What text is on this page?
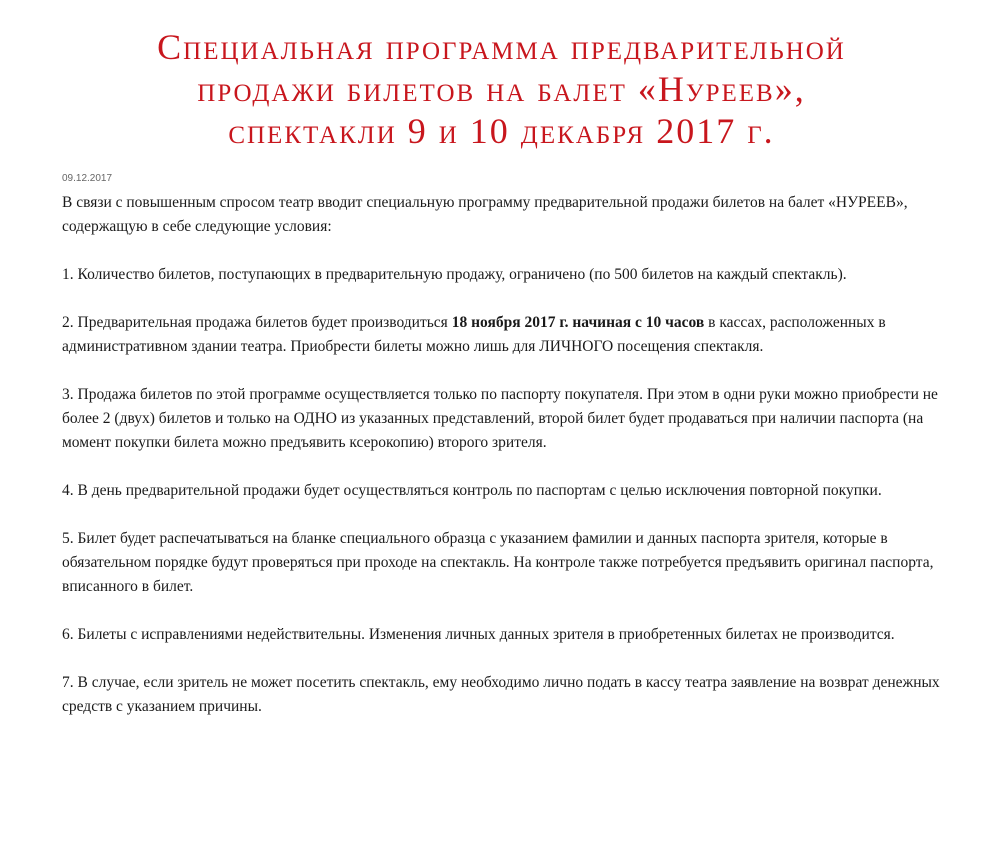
Специальная программа предварительной
продажи билетов на балет «Нуреев»,
спектакли 9 и 10 декабря 2017 г.
09.12.2017

В связи с повышенным спросом театр вводит специальную программу предварительной продажи билетов на балет «НУРЕЕВ», содержащую в себе следующие условия:

1. Количество билетов, поступающих в предварительную продажу, ограничено (по 500 билетов на каждый спектакль).

2. Предварительная продажа билетов будет производиться 18 ноября 2017 г. начиная с 10 часов в кассах, расположенных в административном здании театра. Приобрести билеты можно лишь для ЛИЧНОГО посещения спектакля.

3. Продажа билетов по этой программе осуществляется только по паспорту покупателя. При этом в одни руки можно приобрести не более 2 (двух) билетов и только на ОДНО из указанных представлений, второй билет будет продаваться при наличии паспорта (на момент покупки билета можно предъявить ксерокопию) второго зрителя.

4. В день предварительной продажи будет осуществляться контроль по паспортам с целью исключения повторной покупки.

5. Билет будет распечатываться на бланке специального образца с указанием фамилии и данных паспорта зрителя, которые в обязательном порядке будут проверяться при проходе на спектакль. На контроле также потребуется предъявить оригинал паспорта, вписанного в билет.

6. Билеты с исправлениями недействительны. Изменения личных данных зрителя в приобретенных билетах не производится.

7. В случае, если зритель не может посетить спектакль, ему необходимо лично подать в кассу театра заявление на возврат денежных средств с указанием причины.
